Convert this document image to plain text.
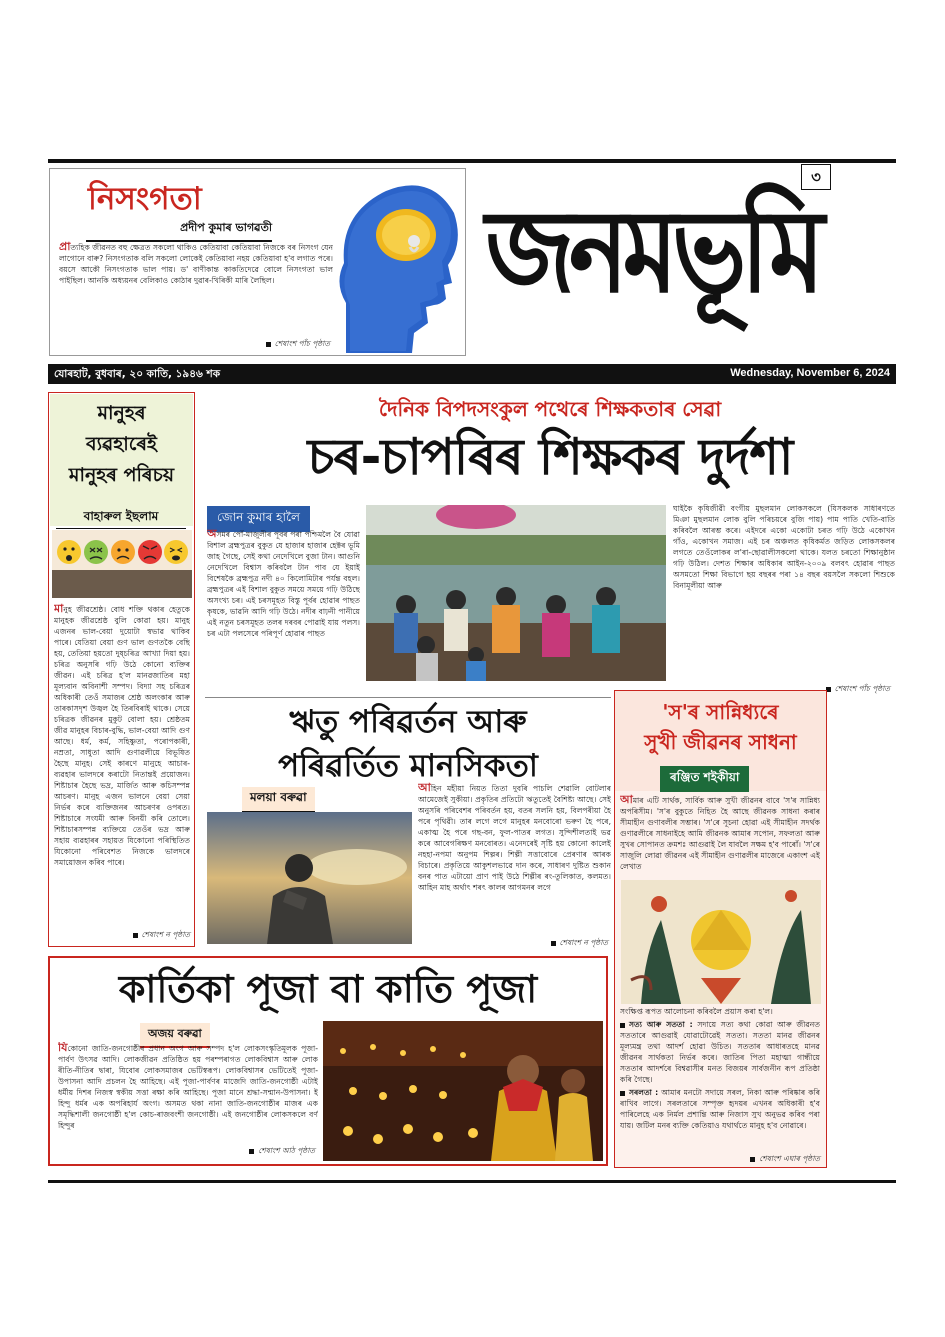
নিসংগতা
প্ৰদীপ কুমাৰ ভাগৱতী
প্ৰাত্যহিক জীৱনত বহু ক্ষেত্ৰত সকলো থাকিও কেতিয়াবা কেতিয়াবা নিজকে বৰ নিসংগ যেন লাগোনে বাৰু? নিসংগতাক বলি সকলো লোকেই কেতিয়াবা নহয় কেতিয়াবা হ'ব লগাত পৰে। বয়সে আকৌ নিসংগতাক ভাল পায়। ড' বাণীকান্ত কাকতিদেৱে বোলে নিসংগতা ভাল পাইছিল। আনকি অধ্যয়নৰ বেলিকাও কোঠাৰ দুৱাৰ-খিৰিকী মাৰি লৈছিল।
শেষাংশ পাঁচ পৃষ্ঠাত
৩
জনমভূমি
যোৰহাট, বুধবাৰ, ২০ কাতি, ১৯৪৬ শক	Wednesday, November 6, 2024
মানুহৰ
ব্যৱহাৰেই
মানুহৰ পৰিচয়
বাহাৰুল ইছলাম
মানুহ জীৱশ্ৰেষ্ঠ। বোধ শক্তি থকাৰ হেতুকে মানুহক জীৱশ্ৰেষ্ঠ বুলি কোৱা হয়। মানুহ এজনৰ ভাল-বেয়া দুয়োটা স্বভাৱ থাকিব পাৰে। যেতিয়া বেয়া গুণ ভাল গুণতকৈ বেছি হয়, তেতিয়া হয়তো দুষ্চৰিত্ৰ আখ্যা দিয়া হয়। চৰিত্ৰ অনুসৰি গঢ়ি উঠে কোনো ব্যক্তিৰ জীৱন। এই চৰিত্ৰ হ'ল মানৱজাতিৰ মহা মূল্যবান অবিনাশী সম্পদ। বিদ্যা সহ চৰিত্ৰৰ অধিকাৰী তেওঁ সমাজৰ শ্ৰেষ্ঠ অলংকাৰ আৰু তাৰকাসদৃশ উজ্বল হৈ তিৰবিৰাই থাকে। সেয়ে চৰিত্ৰক জীৱনৰ মুকুট বোলা হয়। শ্ৰেষ্ঠতম জীৱ মানুহৰ বিচাৰ-বুদ্ধি, ভাল-বেয়া আদি গুণ আছে। ধৰ্ম, কৰ্ম, সহিষ্ণুতা, পৰোপকাৰী, নম্ৰতা, সাধুতা আদি গুণাৱলীয়ে বিভূষিত হৈছে মানুহ। সেই কাৰণে মানুহে আচাৰ-ব্যৱহাৰ ভালদৰে কৰাটো নিতান্তই প্ৰয়োজন। শিষ্টাচাৰ হৈছে ভদ্ৰ, মাৰ্জিত আৰু কচিসম্পন্ন আচৰণ। মানুহ এজন ভালনে বেয়া সেয়া নিৰ্ভৰ কৰে ব্যক্তিজনৰ আচৰণৰ ওপৰত। শিষ্টাচাৰে সংযমী আৰু বিনয়ী কৰি তোলে। শিষ্টাচাৰসম্পন্ন ব্যক্তিয়ে তেওঁৰ ভদ্ৰ আৰু সহায় ব্যৱহাৰৰ সহায়ত যিকোনো পৰিস্থিতিত যিকোনো পৰিবেশত নিজকে ভালদৰে সমায়োজন কৰিব পাৰে।
শেষাংশ ন পৃষ্ঠাত
দৈনিক বিপদসংকুল পথেৰে শিক্ষকতাৰ সেৱা
চৰ-চাপৰিৰ শিক্ষকৰ দুৰ্দশা
জোন কুমাৰ হালৈ
অসমৰ পোঁ-মাজুলীৰ পূবৰ পৰা পশ্চিমলৈ বৈ যোৱা বিশাল ব্ৰহ্মপুত্ৰৰ বুকুত যে হাজাৰ হাজাৰ হেক্টৰ ভূমি জাহ গৈছে, সেই কথা নেদেখিলে বুজা টান। আগুনি নেদেখিলে বিশ্বাস কৰিবলৈ টান পাব যে ইয়াই বিশেষকৈ ব্ৰহ্মপুত্ৰ নদী ৪০ কিলোমিটাৰ পৰ্যন্ত বহল। ব্ৰহ্মপুত্ৰৰ এই বিশাল বুকুত সময়ে সময়ে গঢ়ি উঠিছে অসংখ্য চৰ। এই চৰসমূহত বিস্তু পূৰ্বৰ হোৱাৰ পাছত কৃষকে, ভাৱনি আদি গঢ়ি উঠে। নদীৰ বাঢ়নী পানীয়ে এই নতুন চৰসমূহত তলৰ দৰবৰ পোৱাই যায় পলস। চৰ এটা পলসেৰে পৰিপূৰ্ণ হোৱাৰ পাছত
ঘাইকৈ কৃষিজীৱী বংগীয় মুছলমান লোকসকলে (যিসকলক সাধাৰণতে মিঞা মুছলমান লোক বুলি পৰিচয়ৰে বুজি পায়) পাম পাতি খেতি-বাতি কৰিবলৈ আৰম্ভ কৰে। এইদৰে একো একোটা চৰত গঢ়ি উঠে একোখন গাঁও, একোখন সমাজ। এই চৰ অঞ্চলত কৃষিকৰ্মত জড়িত লোকসকলৰ লগতে তেওঁলোকৰ ল'ৰা-ছোৱালীসকলো থাকে। যলত চৰতো শিক্ষানুষ্ঠান গঢ়ি উঠিল। দেশত শিক্ষাৰ অধিকাৰ আইন-২০০৯ বলবৎ হোৱাৰ পাছত অসমতো শিক্ষা বিভাগে ছয় বছৰৰ পৰা ১৪ বছৰ বয়সলৈ সকলো শিশুকে বিনামূলীয়া আৰু
শেষাংশ পাঁচ পৃষ্ঠাত
ঋতু পৰিৱৰ্তন আৰু
পৰিৱৰ্তিত মানসিকতা
মলয়া বৰুৱা
আহিন মহীয়া নিয়ত তিতা দুবৰি পাচলি শেৱালি বোটলাৰ আমেজেই সুকীয়া। প্ৰকৃতিৰ প্ৰতিটো ঋতুতেই বৈশিষ্ট্য আছে। সেই অনুসৰি পৰিবেশৰ পৰিবৰ্তন হয়, বতৰ সলনি হয়, বিলপৰীয়া হৈ পৰে পৃথিৱী। তাৰ লগে লগে মানুহৰ মনবোৰো ভৰুণ হৈ পৰে, একাত্ম হৈ পৰে গছ-বন, ফুল-পাতৰ লগত। সুন্দিশীলতাই ভৱ কৰে আবেগৰিক্ষণ মনবোৰত। এনেদৰেই সৃষ্টি হয় কোনো কালেই নহহা-নপমা অনুপম শিল্পৰ। শিল্পী সত্তাবোৰে প্ৰেৰণাৰ আৰক বিচাৰে। প্ৰকৃতিয়ে আকুশলভাৱে দান কৰে, সাধাৰণ দুষ্টিত শুকান বনৰ পাত এটায়ো প্ৰাণ পাই উঠে শিল্পীৰ ৰং-তুলিকাত, কলমত। আহিন মাহ অৰ্থাৎ শৰৎ কালৰ আগমনৰ লগে
শেষাংশ ন পৃষ্ঠাত
'স'ৰ সান্নিধ্যৰে
সুখী জীৱনৰ সাধনা
ৰঞ্জিত শইকীয়া
আমাৰ এটি সাৰ্থক, সাৰ্বিক আৰু সুখী জীৱনৰ বাবে 'স'ৰ সান্নিধ্য অপৰিসীম। 'স'ৰ বুকুতে নিহিত হৈ আছে জীৱনক সাধনা কৰাৰ সীমাহীন গুণাবলীৰ সম্ভাৰ। 'স'ৰে সূচনা হোৱা এই সীমাহীন সদৰ্থক গুণাৱলীৰে সাধনাইহে আমি জীৱনক আমাৰ সপোন, সফলতা আৰু সুখৰ সোপানত ক্ৰমশঃ আগুৱাই লৈ যাবলৈ সক্ষম হ'ব পাৰোঁ। 'স'ৰে সাজুলি লোৱা জীৱনৰ এই সীমাহীন গুণাৱলীৰ মাজেৰে একাংশ এই লেখাত
সংক্ষিপ্ত ৰূপত আলোচনা কৰিবলৈ প্ৰয়াস কৰা হ'ল।
সত্য আৰু সততা : সদায়ে সত্য কথা কোৱা আৰু জীৱনত সততাৰে আগুৱাই যোৱাটোৱেই সততা। সততা মানৱ জীৱনৰ মূল্যমন্ত্ৰ তথা আদৰ্শ হোৱা উচিত। সততাৰ আধাৰতহে মানৱ জীৱনৰ সাৰ্থকতা নিৰ্ভৰ কৰে। জাতিৰ পিতা মহাত্মা গান্ধীয়ে সততাৰ আদৰ্শৰে বিশ্বৱাসীৰ মনত বিজয়ৰ সাৰ্বজনীন ৰূপ প্ৰতিষ্ঠা কৰি গৈছে।
সৰলতা : আমাৰ মনটো সদায়ে সৰল, নিকা আৰু পৰিষ্কাৰ কৰি ৰাখিব লাগে। সৰলতাৰে সম্পৃক্ত হৃদয়ৰ এখনৰ অধিকাৰী হ'ব পাৰিলেহে এক নিৰ্মল প্ৰশান্তি আৰু নিজাস সুখ অনুভৱ কৰিব পৰা যায়। জটিল মনৰ ব্যক্তি কেতিয়াও যথাৰ্থতে মানুহ হ'ব নোৱাৰে।
শেষাংশ এঘাৰ পৃষ্ঠাত
কাৰ্তিকা পূজা বা কাতি পূজা
অজয় বৰুৱা
যিকোনো জাতি-জনগোষ্ঠীৰ প্ৰধান অংগ আৰু সম্পদ হ'ল লোকসংস্কৃতিমূলক পূজা-পাৰ্বণ উৎসৱ আদি। লোকজীৱন প্ৰতিষ্ঠিত হয় পৰম্পৰাগত লোকবিশ্বাস আৰু লোক ৰীতি-নীতিৰ দ্বাৰা, যিবোৰ লোকসমাজৰ ভেটিস্বৰূপ। লোকবিশ্বাসৰ ভেটিতেই পূজা-উপাসনা আদি প্ৰচলন হৈ আহিছে। এই পূজা-পাৰ্বণৰ মাজেদি জাতি-জনগোষ্ঠী এটাই ধৰ্মীয় দিশৰ নিজস্ব স্বকীয় সত্তা ৰক্ষা কৰি আহিছে। পূজা মানে শ্ৰদ্ধা-সন্মান-উপাসনা। ই হিন্দু ধৰ্মৰ এক অপৰিহাৰ্য অংগ। অসমত থকা নানা জাতি-জনগোষ্ঠীৰ মাজৰ এক সমৃদ্ধিশালী জনগোষ্ঠী হ'ল কোচ-ৰাজবংশী জনগোষ্ঠী। এই জনগোষ্ঠীৰ লোকসকলে বৰ্ণ হিন্দুৰ
শেষাংশ আঠ পৃষ্ঠাত
